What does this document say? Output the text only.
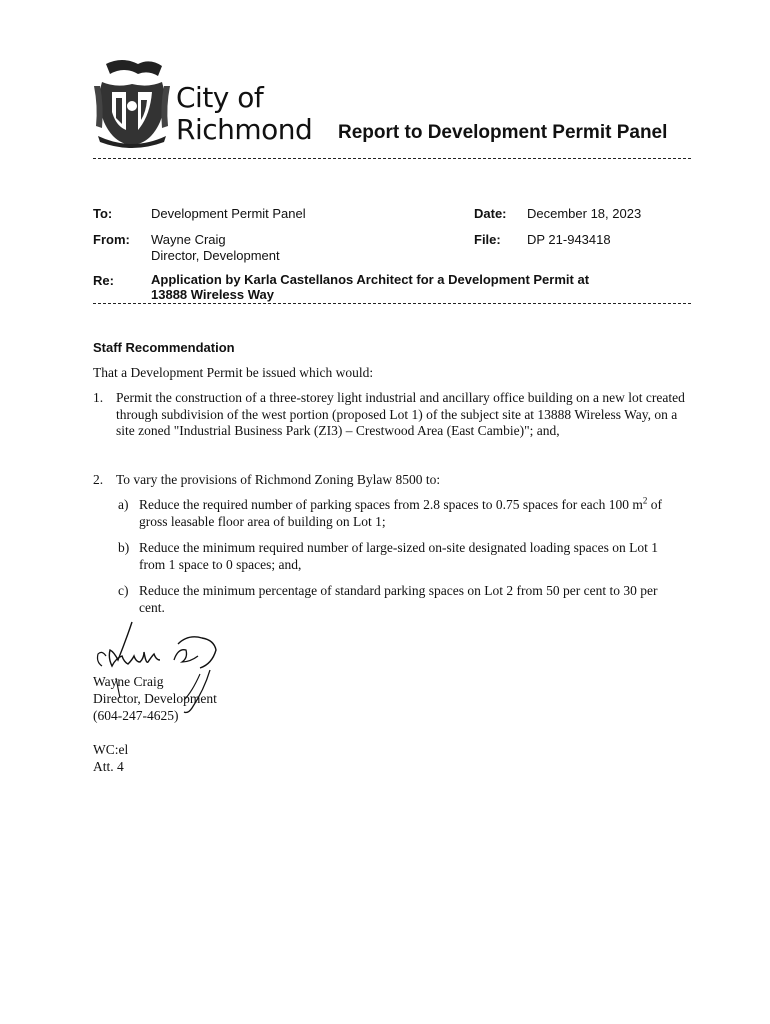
City of
Richmond Report to Development Permit Panel
To:	Development Permit Panel	Date: December 18, 2023
From: Wayne Craig
Director, Development
File: DP 21-943418
Re:	Application by Karla Castellanos Architect for a Development Permit at
13888 Wireless Way
Staff Recommendation
That a Development Permit be issued which would:
1. Permit the construction of a three-storey light industrial and ancillary office building on a new lot created through subdivision of the west portion (proposed Lot 1) of the subject site at 13888 Wireless Way, on a site zoned "Industrial Business Park (ZI3) – Crestwood Area (East Cambie)"; and,
2. To vary the provisions of Richmond Zoning Bylaw 8500 to:
a) Reduce the required number of parking spaces from 2.8 spaces to 0.75 spaces for each 100 $m^2$ of gross leasable floor area of building on Lot 1;
b) Reduce the minimum required number of large-sized on-site designated loading spaces on Lot 1 from 1 space to 0 spaces; and,
c) Reduce the minimum percentage of standard parking spaces on Lot 2 from 50 per cent to 30 per cent.
Wayne Craig
Director, Development
(604-247-4625)
WC:el
Att. 4
